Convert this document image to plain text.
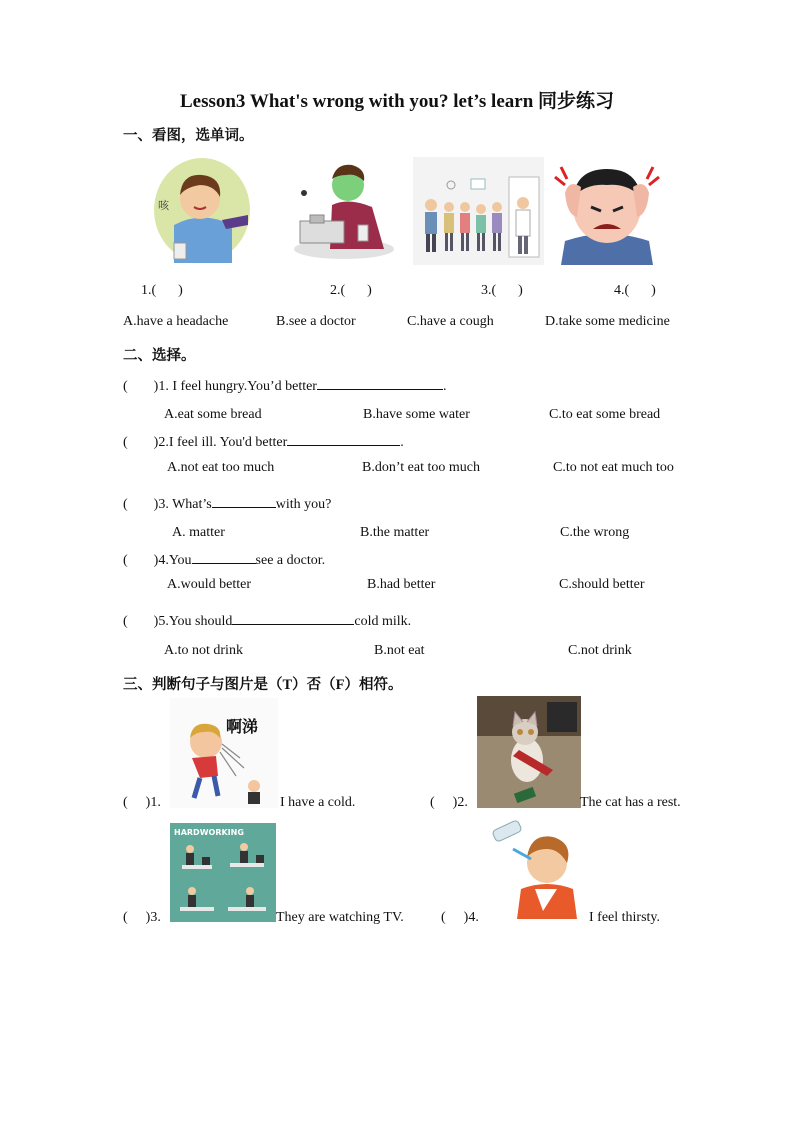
Lesson3 What's wrong with you? let’s learn 同步练习
一、看图，选单词。
咳
1.( )	2.( )	3.( )	4.( )
A.have a headache	B.see a doctor	C.have a cough	D.take some medicine
二、选择。
( )1. I feel hungry.You’d better	.
A.eat some bread	B.have some water	C.to eat some bread
( )2.I feel ill. You'd better	.
A.not eat too much	B.don’t eat too much	C.to not eat much too
( )3. What’s	with you?
A. matter	B.the matter	C.the wrong
( )4.You	see a doctor.
A.would better	B.had better	C.should better
( )5.You should	cold milk.
A.to not drink	B.not eat	C.not drink
三、判断句子与图片是（T）否（F）相符。
啊涕
HARDWORKING
( )1.	I have a cold.	( )2.	The cat has a rest.
( )3.	They are watching TV.	( )4.	I feel thirsty.
